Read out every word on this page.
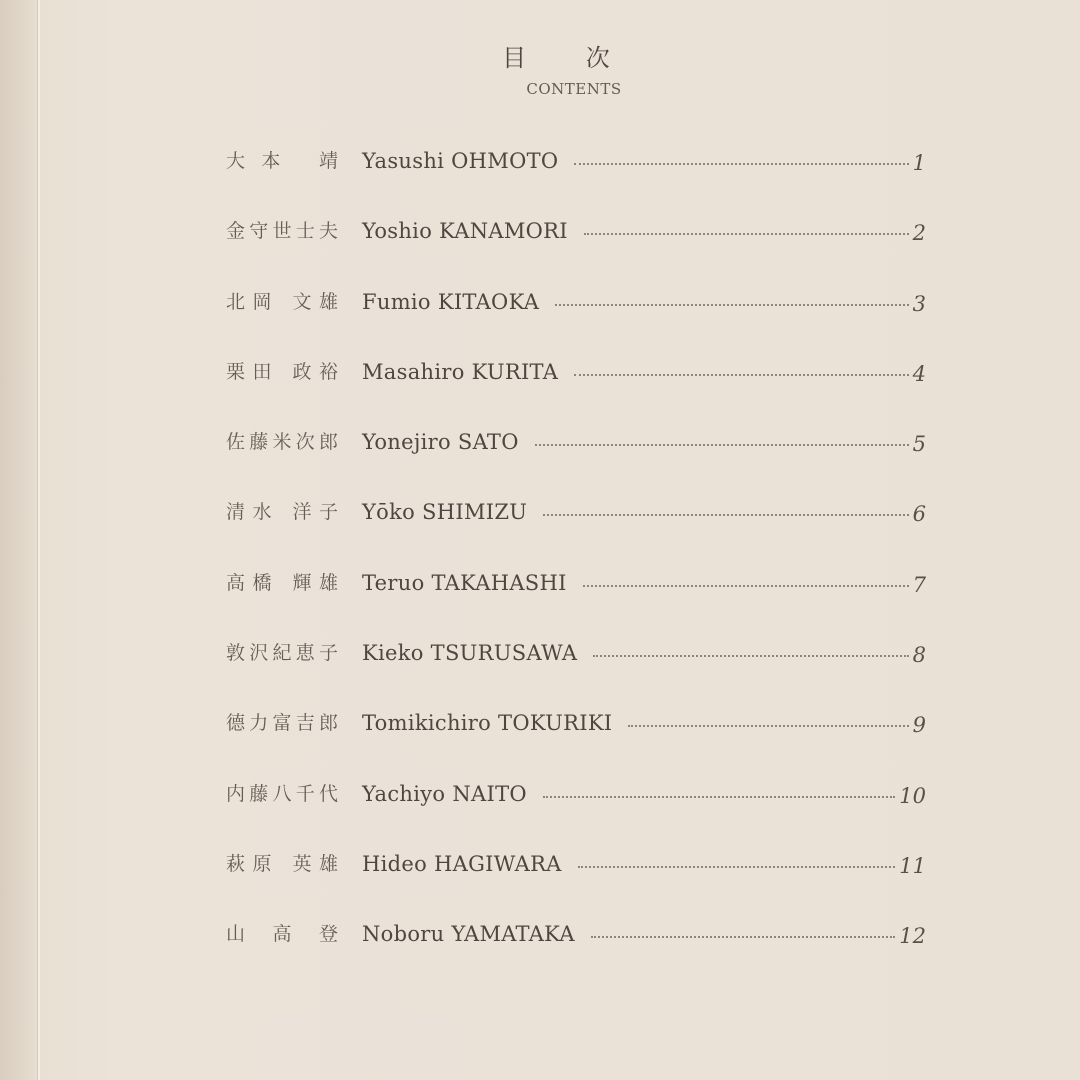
目 次
CONTENTS
大本 靖 Yasushi OHMOTO	1
金守世士夫 Yoshio KANAMORI	2
北岡 文雄 Fumio KITAOKA	3
栗田 政裕 Masahiro KURITA	4
佐藤米次郎 Yonejiro SATO	5
清水 洋子 Yōko SHIMIZU	6
高橋 輝雄 Teruo TAKAHASHI	7
敦沢紀恵子 Kieko TSURUSAWA	8
德力富吉郎 Tomikichiro TOKURIKI	9
内藤八千代 Yachiyo NAITO	10
萩原 英雄 Hideo HAGIWARA	11
山 高 登 Noboru YAMATAKA	12
